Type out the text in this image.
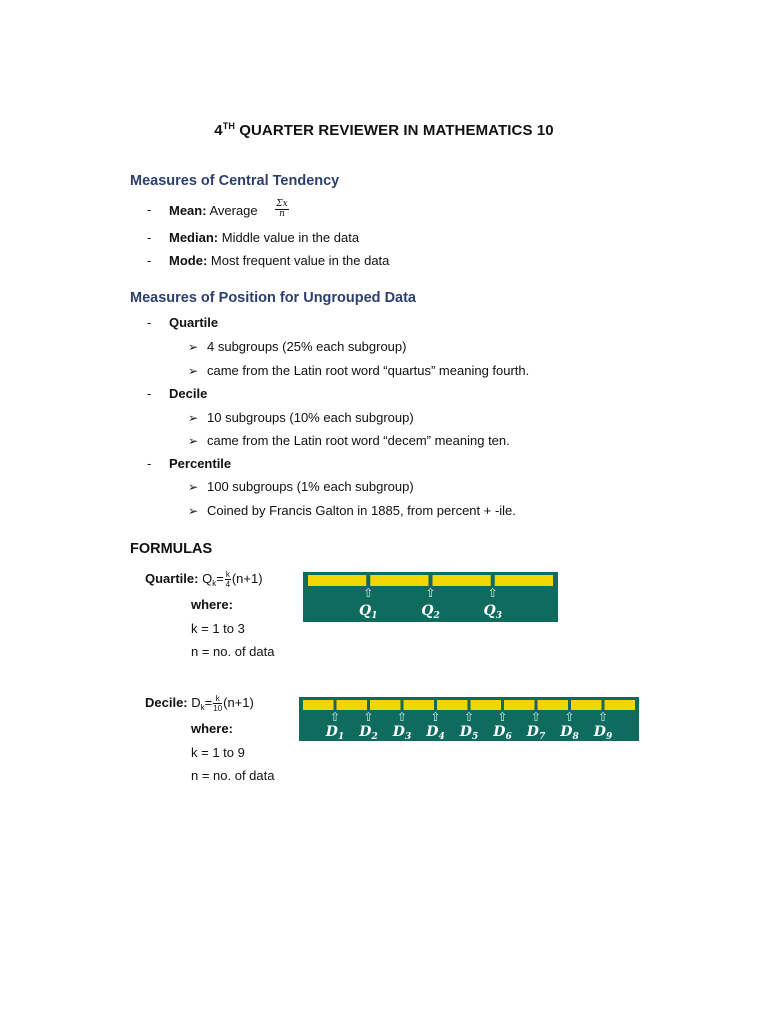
4TH QUARTER REVIEWER IN MATHEMATICS 10
Measures of Central Tendency
- Mean: Average $\frac{\Sigma x}{n}$
- Median: Middle value in the data
- Mode: Most frequent value in the data
Measures of Position for Ungrouped Data
- Quartile
➢ 4 subgroups (25% each subgroup)
➢ came from the Latin root word “quartus” meaning fourth.
- Decile
➢ 10 subgroups (10% each subgroup)
➢ came from the Latin root word “decem” meaning ten.
- Percentile
➢ 100 subgroups (1% each subgroup)
➢ Coined by Francis Galton in 1885, from percent + -ile.
FORMULAS
Quartile: $Q_k= \frac{k}{4} (n+1)$
where:
k = 1 to 3
n = no. of data
⇧
$Q_1$
⇧
$Q_2$
⇧
$Q_3$
Decile: $D_k= \frac{k}{10} (n+1)$
where:
k = 1 to 9
n = no. of data
⇧
$D_1$
⇧
$D_2$
⇧
$D_3$
⇧
$D_4$
⇧
$D_5$
⇧
$D_6$
⇧
$D_7$
⇧
$D_8$
⇧
$D_9$
